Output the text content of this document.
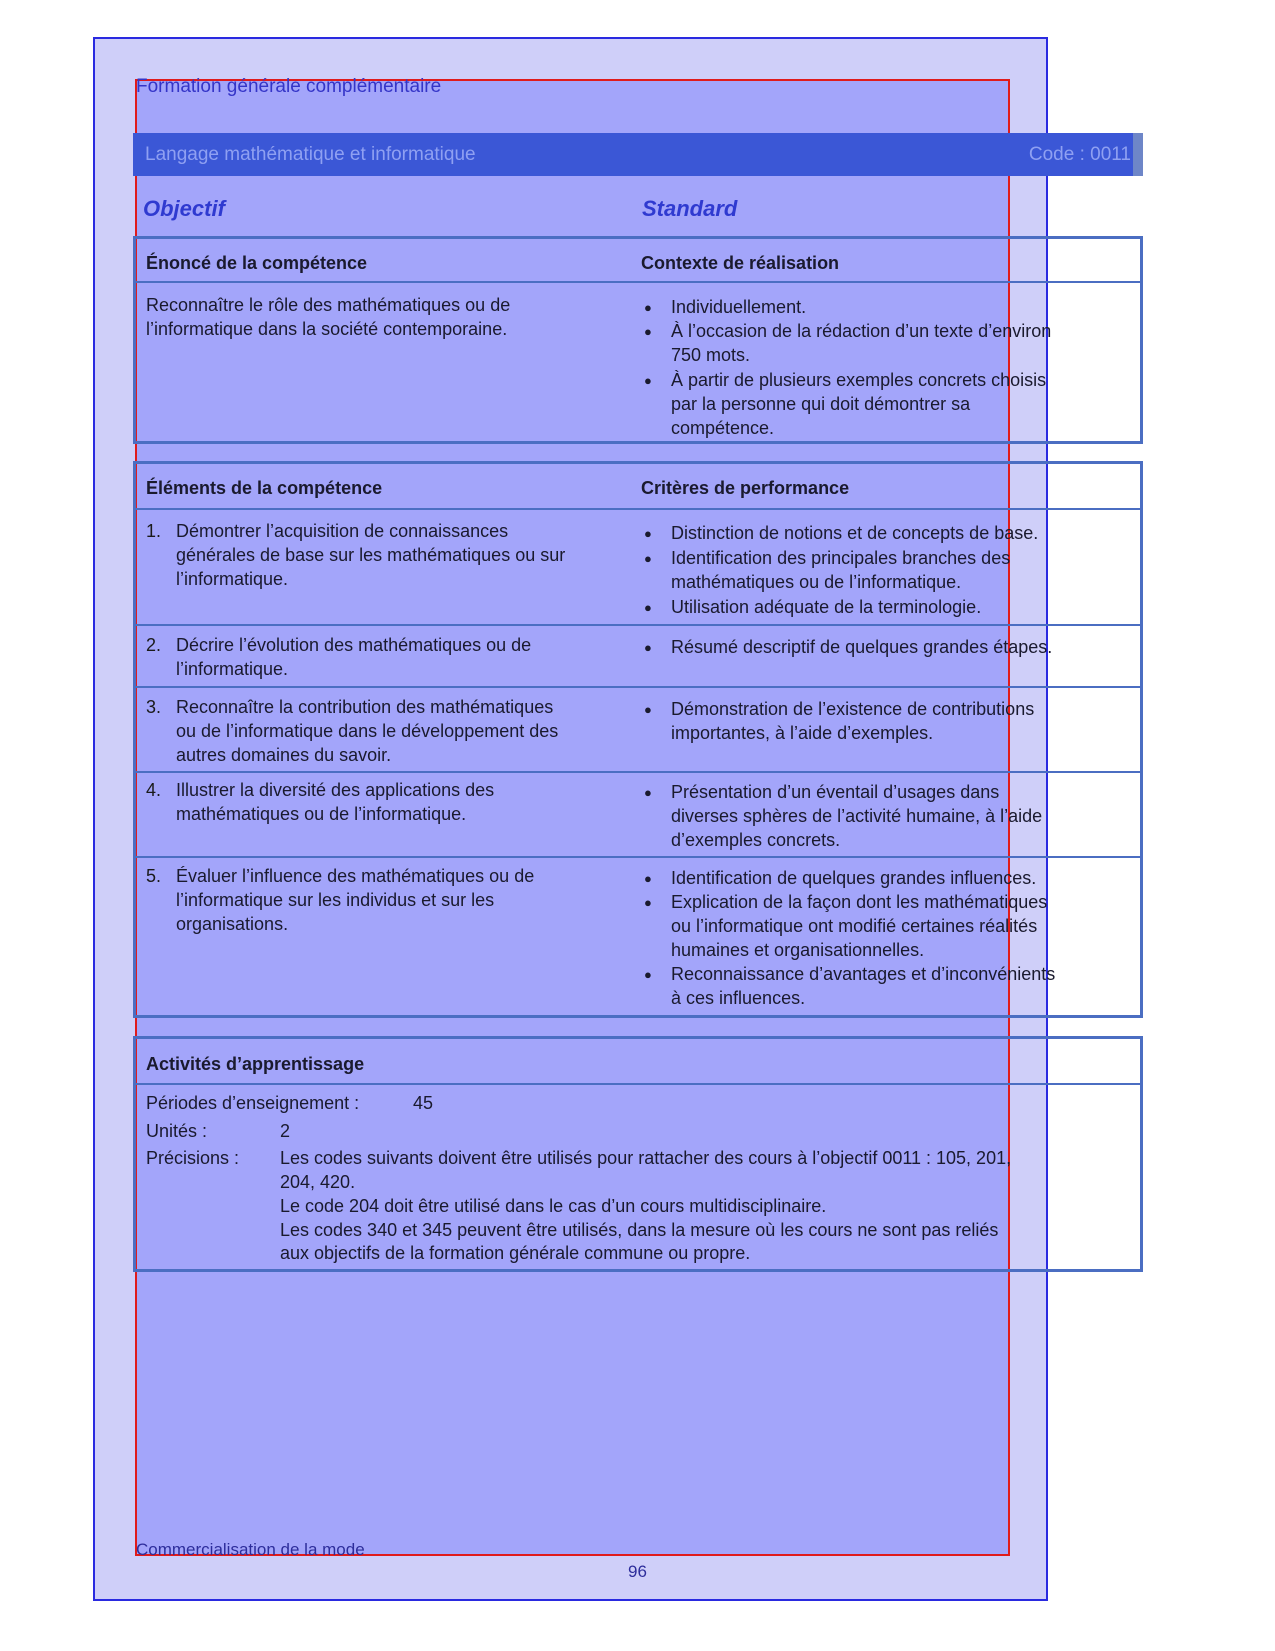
Formation générale complémentaire
Langage mathématique et informatique	Code : 0011
Objectif	Standard
Énoncé de la compétence	Contexte de réalisation
Reconnaître le rôle des mathématiques ou de
l’informatique dans la société contemporaine.
● Individuellement.
● À l’occasion de la rédaction d’un texte d’environ
750 mots.
● À partir de plusieurs exemples concrets choisis
par la personne qui doit démontrer sa
compétence.
Éléments de la compétence	Critères de performance
1. Démontrer l’acquisition de connaissances
générales de base sur les mathématiques ou sur
l’informatique.
● Distinction de notions et de concepts de base.
● Identification des principales branches des
mathématiques ou de l’informatique.
● Utilisation adéquate de la terminologie.
2. Décrire l’évolution des mathématiques ou de
l’informatique.
● Résumé descriptif de quelques grandes étapes.
3. Reconnaître la contribution des mathématiques
ou de l’informatique dans le développement des
autres domaines du savoir.
● Démonstration de l’existence de contributions
importantes, à l’aide d’exemples.
4. Illustrer la diversité des applications des
mathématiques ou de l’informatique.
● Présentation d’un éventail d’usages dans
diverses sphères de l’activité humaine, à l’aide
d’exemples concrets.
5. Évaluer l’influence des mathématiques ou de
l’informatique sur les individus et sur les
organisations.
● Identification de quelques grandes influences.
● Explication de la façon dont les mathématiques
ou l’informatique ont modifié certaines réalités
humaines et organisationnelles.
● Reconnaissance d’avantages et d’inconvénients
à ces influences.
Activités d’apprentissage
Périodes d’enseignement :	45
Unités :	2
Précisions : Les codes suivants doivent être utilisés pour rattacher des cours à l’objectif 0011 : 105, 201,
204, 420.
Le code 204 doit être utilisé dans le cas d’un cours multidisciplinaire.
Les codes 340 et 345 peuvent être utilisés, dans la mesure où les cours ne sont pas reliés
aux objectifs de la formation générale commune ou propre.
Commercialisation de la mode
96
